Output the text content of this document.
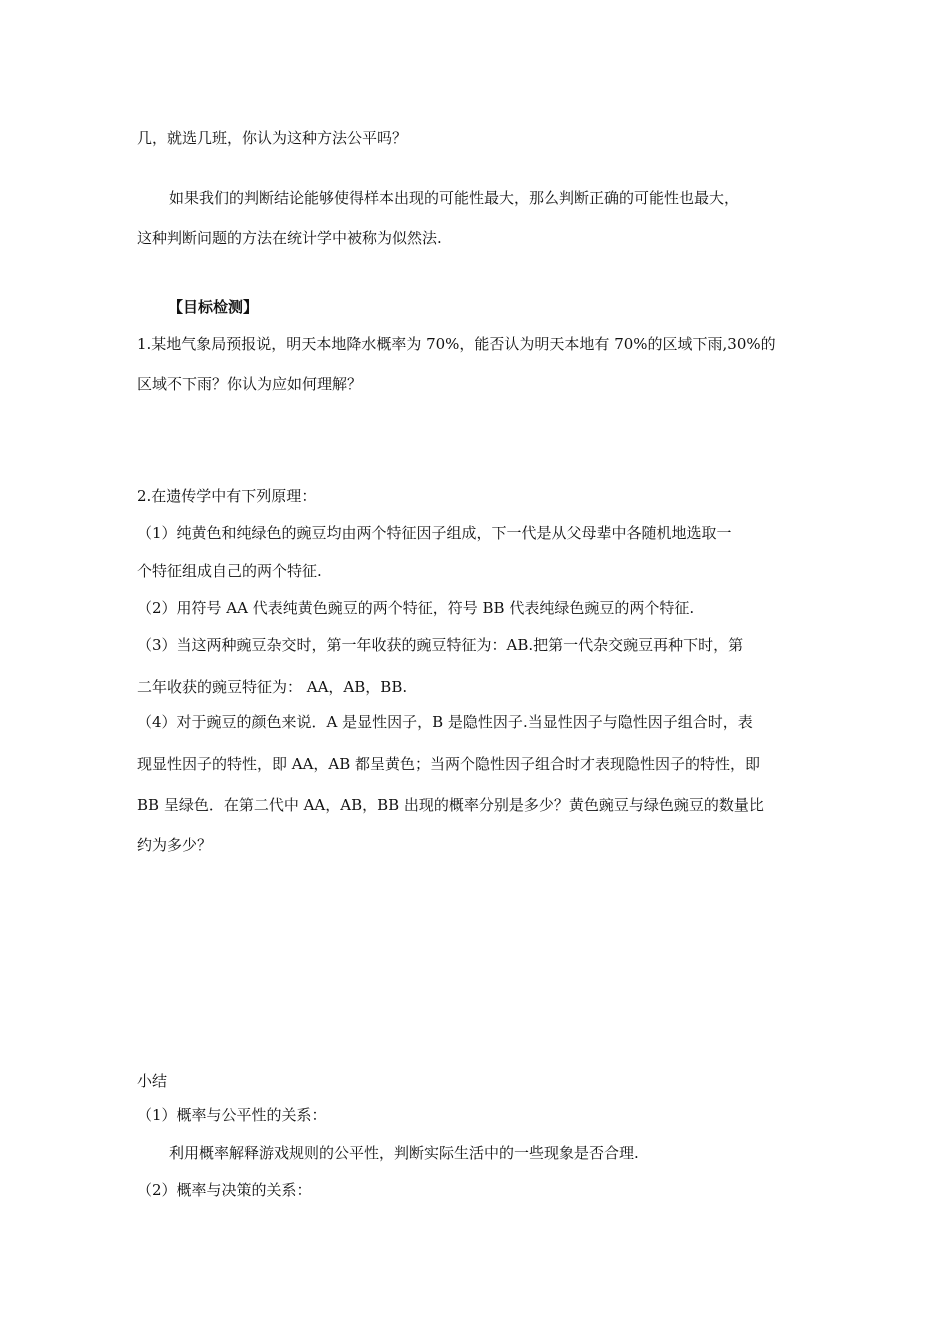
几，就选几班，你认为这种方法公平吗？
如果我们的判断结论能够使得样本出现的可能性最大，那么判断正确的可能性也最大，
这种判断问题的方法在统计学中被称为似然法.
【目标检测】
1.某地气象局预报说，明天本地降水概率为 70%，能否认为明天本地有 70%的区域下雨,30%的
区域不下雨？你认为应如何理解？
2.在遗传学中有下列原理：
（1）纯黄色和纯绿色的豌豆均由两个特征因子组成，下一代是从父母辈中各随机地选取一
个特征组成自己的两个特征.
（2）用符号 AA 代表纯黄色豌豆的两个特征，符号 BB 代表纯绿色豌豆的两个特征.
（3）当这两种豌豆杂交时，第一年收获的豌豆特征为：AB.把第一代杂交豌豆再种下时，第
二年收获的豌豆特征为： AA，AB，BB.
（4）对于豌豆的颜色来说．A 是显性因子，B 是隐性因子.当显性因子与隐性因子组合时，表
现显性因子的特性，即 AA，AB 都呈黄色；当两个隐性因子组合时才表现隐性因子的特性，即
BB 呈绿色．在第二代中 AA，AB，BB 出现的概率分别是多少？黄色豌豆与绿色豌豆的数量比
约为多少？
小结
（1）概率与公平性的关系：
利用概率解释游戏规则的公平性，判断实际生活中的一些现象是否合理.
（2）概率与决策的关系：
